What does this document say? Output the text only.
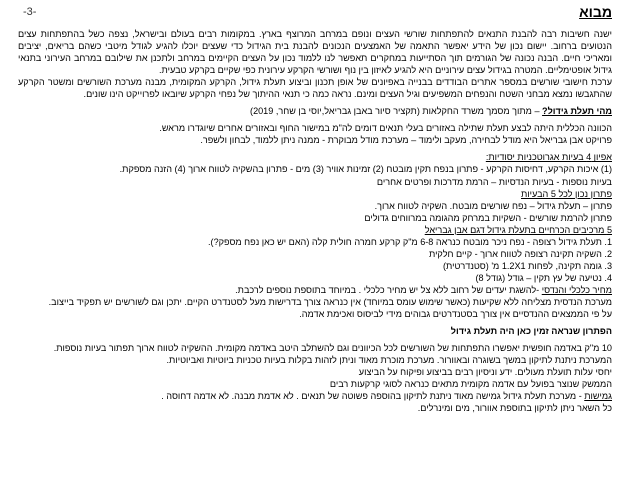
-3-	מבוא

ישנה חשיבות רבה להבנת התנאים להתפתחות שורשי העצים ונופם במרחב המרוצף בארץ. במקומות רבים בעולם ובישראל, נצפה כשל בהתפתחות עצים הנטועים ברחוב. יישום נכון של הידע יאפשר התאמה של האמצעים הנכונים להבנת בית הגידול כדי שעצים יוכלו להגיע לגודל מיטבי כשהם בריאים, יציבים ומאריכי חיים. הבנה נכונה של הגורמים תוך הסתייעות במחקרים תאפשר לנו ללמוד נכון על העצים הקיימים במרחב ולתכנן את שילובם במרחב העירוני בתנאי גידול אופטימליים. המטרה בגידול עצים עירוניים היא להגיע לאיזון בין נוף ושורשי הקרקע עירונית כפי שקיים בקרקע טבעית.

ערכת חישובי שורשים במספר אתרים הבודדים בבנייה באפיונים של אופן תכנון וביצוע תעלת גידול, הקרקע המקומית, מבנה מערכת השורשים ומשטר הקרקע שהתגבשו נמצא מבחני השטח והנפחים המשפיעים וגיל העצים ומינם. נראה כמה כי תנאי ההיתוך של נפחי הקרקע שיובאו לפרוייקט הינו שונים.

מהי תעלת גידול? – מתוך מסמך משרד החקלאות (תקציר סיור באבן גבריאל,יוסי בן שחר, 2019)

הכוונה הכללית היתה לבצע תעלת שתילה באזורים בעלי תנאים דומים לה"מ במישור החוף ובאזורים אחרים שיוגדרו מראש.

פרויקט אבן גבריאל היא מודל לבחירה, מעקב ולימוד – מערכת מודל מבוקרת - ממנה ניתן ללמוד, לבחון ולשפר.

אפיון 4 בעיות אגרוטכניות יסודיות:

(1) איכות הקרקע, דחיסות הקרקע - פתרון בנפח תקין מובטח (2) זמינות אוויר (3) מים - פתרון בהשקיה לטווח ארוך (4) הזנה מספקת.

בעיות נוספות - בעיות הנדסיות – הרמת מדרכות ופרטים אחרים

פתרון נכון לכל 5 הבעיות

פתרון – תעלת גידול – נפח שורשים מובטח. השקיה לטווח ארוך.

פתרון להרמת שורשים - השקיות במרחק מהגומה במרווחים גדולים

5 מרכיבים הכרחיים בתעלת גידול דגם אבן גבריאל

1. תעלת גידול רצופה - נפח ניכר מובטח כנראה 6-8 מ"ק קרקע חמרה חולית קלה (האם יש כאן נפח מספק?).

2. השקיה תקינה רצופה לטווח ארוך - קיים חלקית

3. גומה תקינה, לפחות 1.2X1 מ' (סטנדרטית)

4. נטיעה של עץ תקין – גודל (גודל 8)

מחיר כלכלי והנדסי -להשגת יעדים של רחוב ללא צל יש מחיר כלכלי . במיוחד בתוספת נוספים לרכבת.

מערכת הנדסית מצליחה ללא שקיעות (כאשר שימוש עומס במיוחד) אין כנראה צורך בדרישות מעל לסטנדרט הקיים. יתכן וגם לשורשים יש תפקיד בייצוב.

על פי הממצאים ההנדסיים אין צורך בסטנדרטים גבוהים מידי לביסוס ואכימת אדמה.

הפתרון שנראה זמין כאן היה תעלת גידול

10 מ"ק באדמה חופשית יאפשרו התפתחות של השורשים לכל הכיוונים וגם להשתלב היטב באדמה מקומית. ההשקיה לטווח ארוך תפתור בעיות נוספות.

המערכת ניתנת לתיקון במשך בשוגרה ובאוורור. מערכת מוכרת מאוד וניתן לזהות בקלות בעיות טכניות ביוטיות ואביוטיות.

יחסי עלות תועלת מעולים. ידע וניסיון רבים בביצוע ופיקוח על הביצוע

הממשק שנוצר בפועל עם אדמה מקומית מתאים כנראה לסוגי קרקעות רבים

גמישות - מערכת תעלת גידול גמישה מאוד ניתנת לתיקון בהוספה פשוטה של תנאים . לא אדמת מבנה. לא אדמה דחוסה .

כל השאר ניתן לתיקון בתוספת אוורור, מים ומינרלים.
